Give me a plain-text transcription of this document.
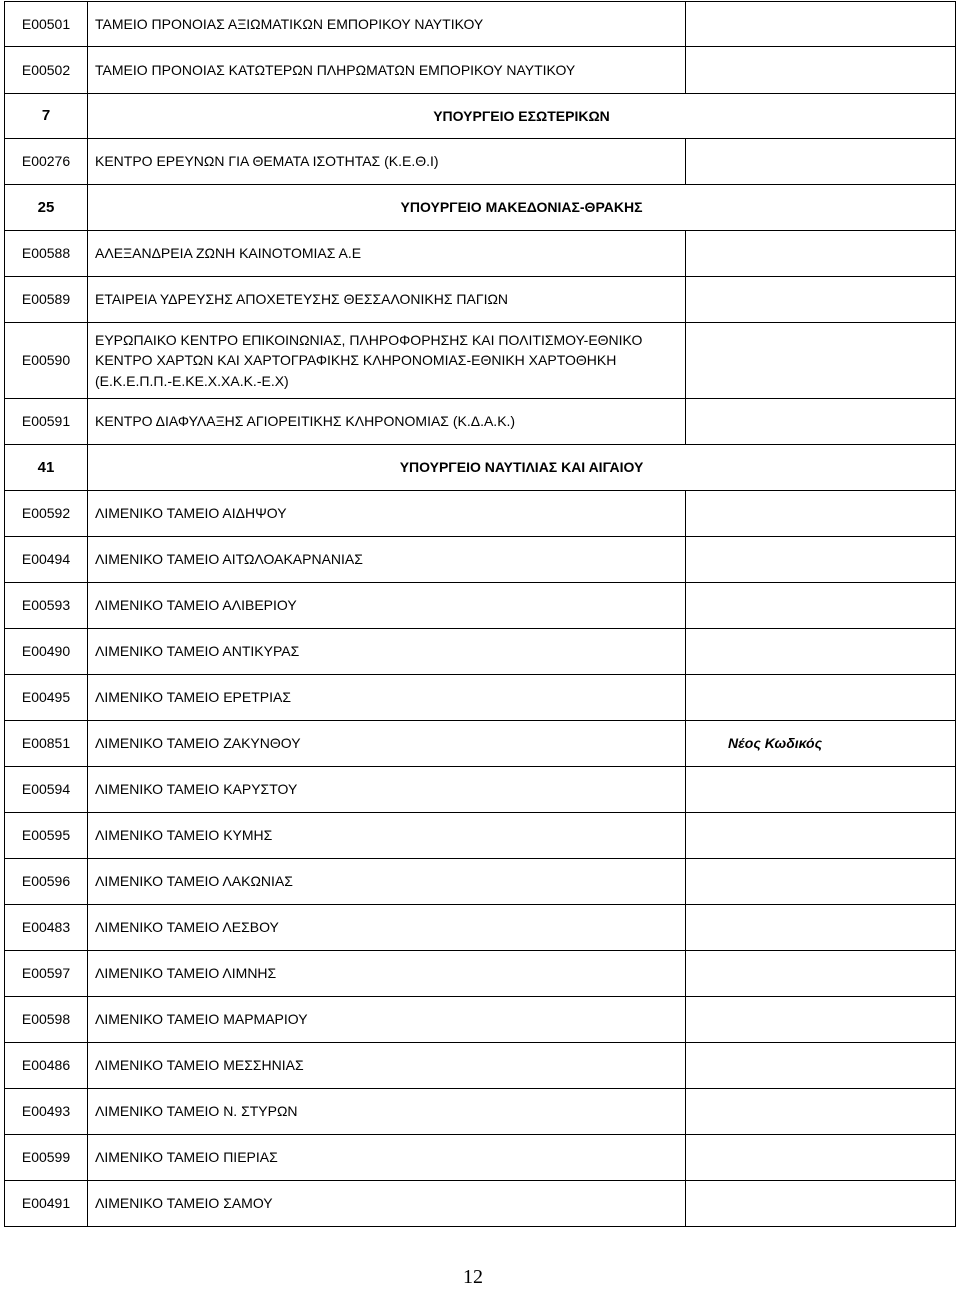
Ε00501	ΤΑΜΕΙΟ ΠΡΟΝΟΙΑΣ ΑΞΙΩΜΑΤΙΚΩΝ ΕΜΠΟΡΙΚΟΥ ΝΑΥΤΙΚΟΥ	
Ε00502	ΤΑΜΕΙΟ ΠΡΟΝΟΙΑΣ ΚΑΤΩΤΕΡΩΝ ΠΛΗΡΩΜΑΤΩΝ ΕΜΠΟΡΙΚΟΥ ΝΑΥΤΙΚΟΥ	
7	ΥΠΟΥΡΓΕΙΟ ΕΣΩΤΕΡΙΚΩΝ	
Ε00276	ΚΕΝΤΡΟ ΕΡΕΥΝΩΝ ΓΙΑ ΘΕΜΑΤΑ ΙΣΟΤΗΤΑΣ (Κ.Ε.Θ.Ι)	
25	ΥΠΟΥΡΓΕΙΟ ΜΑΚΕΔΟΝΙΑΣ-ΘΡΑΚΗΣ	
Ε00588	ΑΛΕΞΑΝΔΡΕΙΑ ΖΩΝΗ ΚΑΙΝΟΤΟΜΙΑΣ Α.Ε	
Ε00589	ΕΤΑΙΡΕΙΑ ΥΔΡΕΥΣΗΣ ΑΠΟΧΕΤΕΥΣΗΣ ΘΕΣΣΑΛΟΝΙΚΗΣ ΠΑΓΙΩΝ	
Ε00590	ΕΥΡΩΠΑΙΚΟ ΚΕΝΤΡΟ ΕΠΙΚΟΙΝΩΝΙΑΣ, ΠΛΗΡΟΦΟΡΗΣΗΣ ΚΑΙ ΠΟΛΙΤΙΣΜΟΥ-ΕΘΝΙΚΟ ΚΕΝΤΡΟ ΧΑΡΤΩΝ ΚΑΙ ΧΑΡΤΟΓΡΑΦΙΚΗΣ ΚΛΗΡΟΝΟΜΙΑΣ-ΕΘΝΙΚΗ ΧΑΡΤΟΘΗΚΗ (Ε.Κ.Ε.Π.Π.-Ε.ΚΕ.Χ.ΧΑ.Κ.-Ε.Χ)	
Ε00591	ΚΕΝΤΡΟ ΔΙΑΦΥΛΑΞΗΣ ΑΓΙΟΡΕΙΤΙΚΗΣ ΚΛΗΡΟΝΟΜΙΑΣ (Κ.Δ.Α.Κ.)	
41	ΥΠΟΥΡΓΕΙΟ ΝΑΥΤΙΛΙΑΣ ΚΑΙ ΑΙΓΑΙΟΥ	
Ε00592	ΛΙΜΕΝΙΚΟ ΤΑΜΕΙΟ ΑΙΔΗΨΟΥ	
Ε00494	ΛΙΜΕΝΙΚΟ ΤΑΜΕΙΟ ΑΙΤΩΛΟΑΚΑΡΝΑΝΙΑΣ	
Ε00593	ΛΙΜΕΝΙΚΟ ΤΑΜΕΙΟ ΑΛΙΒΕΡΙΟΥ	
Ε00490	ΛΙΜΕΝΙΚΟ ΤΑΜΕΙΟ ΑΝΤΙΚΥΡΑΣ	
Ε00495	ΛΙΜΕΝΙΚΟ ΤΑΜΕΙΟ ΕΡΕΤΡΙΑΣ	
Ε00851	ΛΙΜΕΝΙΚΟ ΤΑΜΕΙΟ ΖΑΚΥΝΘΟΥ	Νέος Κωδικός
Ε00594	ΛΙΜΕΝΙΚΟ ΤΑΜΕΙΟ ΚΑΡΥΣΤΟΥ	
Ε00595	ΛΙΜΕΝΙΚΟ ΤΑΜΕΙΟ ΚΥΜΗΣ	
Ε00596	ΛΙΜΕΝΙΚΟ ΤΑΜΕΙΟ ΛΑΚΩΝΙΑΣ	
Ε00483	ΛΙΜΕΝΙΚΟ ΤΑΜΕΙΟ ΛΕΣΒΟΥ	
Ε00597	ΛΙΜΕΝΙΚΟ ΤΑΜΕΙΟ ΛΙΜΝΗΣ	
Ε00598	ΛΙΜΕΝΙΚΟ ΤΑΜΕΙΟ ΜΑΡΜΑΡΙΟΥ	
Ε00486	ΛΙΜΕΝΙΚΟ ΤΑΜΕΙΟ ΜΕΣΣΗΝΙΑΣ	
Ε00493	ΛΙΜΕΝΙΚΟ ΤΑΜΕΙΟ Ν. ΣΤΥΡΩΝ	
Ε00599	ΛΙΜΕΝΙΚΟ ΤΑΜΕΙΟ ΠΙΕΡΙΑΣ	
Ε00491	ΛΙΜΕΝΙΚΟ ΤΑΜΕΙΟ ΣΑΜΟΥ	
12
